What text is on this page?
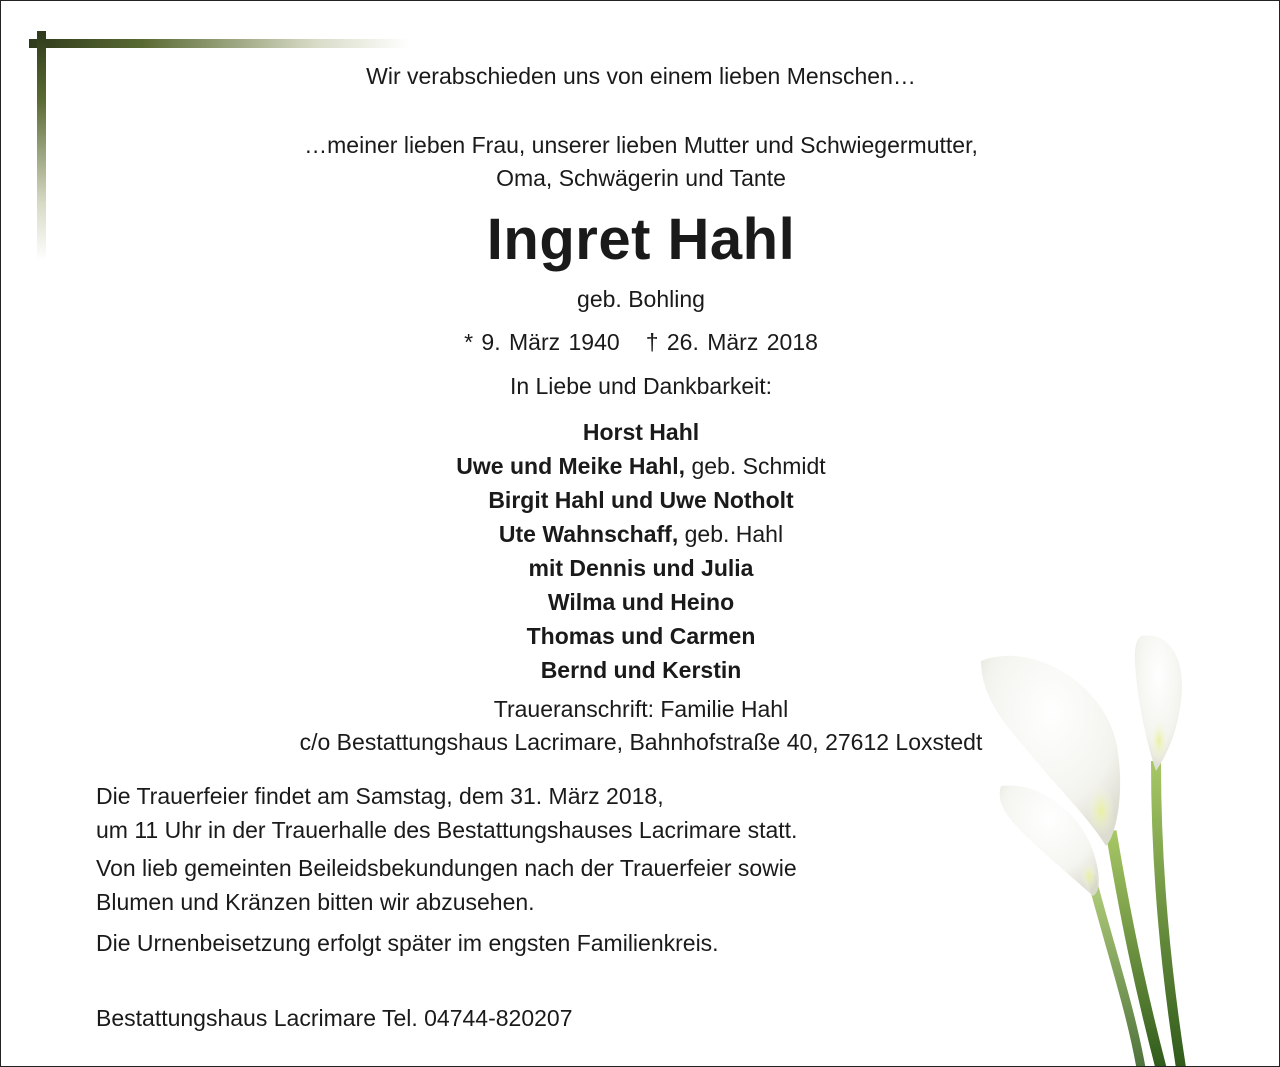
Wir verabschieden uns von einem lieben Menschen…
…meiner lieben Frau, unserer lieben Mutter und Schwiegermutter,
Oma, Schwägerin und Tante
Ingret Hahl
geb. Bohling
* 9. März 1940 † 26. März 2018
In Liebe und Dankbarkeit:
Horst Hahl
Uwe und Meike Hahl, geb. Schmidt
Birgit Hahl und Uwe Notholt
Ute Wahnschaff, geb. Hahl
mit Dennis und Julia
Wilma und Heino
Thomas und Carmen
Bernd und Kerstin
Traueranschrift: Familie Hahl
c/o Bestattungshaus Lacrimare, Bahnhofstraße 40, 27612 Loxstedt
Die Trauerfeier findet am Samstag, dem 31. März 2018,
um 11 Uhr in der Trauerhalle des Bestattungshauses Lacrimare statt.
Von lieb gemeinten Beileidsbekundungen nach der Trauerfeier sowie
Blumen und Kränzen bitten wir abzusehen.
Die Urnenbeisetzung erfolgt später im engsten Familienkreis.
Bestattungshaus Lacrimare Tel. 04744-820207
